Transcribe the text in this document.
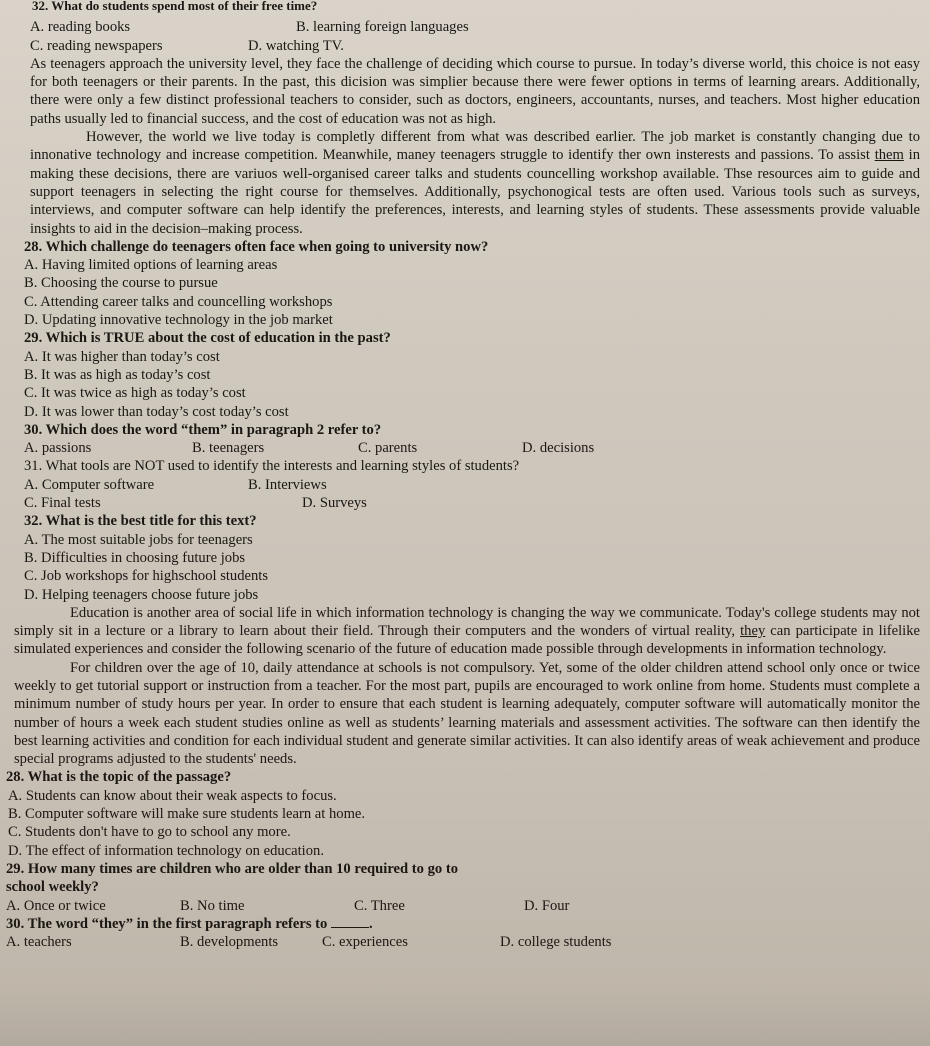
32. What do students spend most of their free time?
A. reading books	B. learning foreign languages
C. reading newspapers	D. watching TV.
As teenagers approach the university level, they face the challenge of deciding which course to pursue. In today’s diverse world, this choice is not easy for both teenagers or their parents. In the past, this dicision was simplier because there were fewer options in terms of learning arears. Additionally, there were only a few distinct professional teachers to consider, such as doctors, engineers, accountants, nurses, and teachers. Most higher education paths usually led to financial success, and the cost of education was not as high.
However, the world we live today is completly different from what was described earlier. The job market is constantly changing due to innonative technology and increase competition. Meanwhile, maney teenagers struggle to identify ther own insterests and passions. To assist them in making these decisions, there are variuos well-organised career talks and students councelling workshop available. Thse resources aim to guide and support teenagers in selecting the right course for themselves. Additionally, psychonogical tests are often used. Various tools such as surveys, interviews, and computer software can help identify the preferences, interests, and learning styles of students. These assessments provide valuable insights to aid in the decision–making process.
28. Which challenge do teenagers often face when going to university now?
A. Having limited options of learning areas
B. Choosing the course to pursue
C. Attending career talks and councelling workshops
D. Updating innovative technology in the job market
29. Which is TRUE about the cost of education in the past?
A. It was higher than today’s cost
B. It was as high as today’s cost
C. It was twice as high as today’s cost
D. It was lower than today’s cost today’s cost
30. Which does the word “them” in paragraph 2 refer to?
A. passions	B. teenagers	C. parents	D. decisions
31. What tools are NOT used to identify the interests and learning styles of students?
A. Computer software	B. Interviews
C. Final tests	D. Surveys
32. What is the best title for this text?
A. The most suitable jobs for teenagers
B. Difficulties in choosing future jobs
C. Job workshops for highschool students
D. Helping teenagers choose future jobs
Education is another area of social life in which information technology is changing the way we communicate. Today's college students may not simply sit in a lecture or a library to learn about their field. Through their computers and the wonders of virtual reality, they can participate in lifelike simulated experiences and consider the following scenario of the future of education made possible through developments in information technology.
For children over the age of 10, daily attendance at schools is not compulsory. Yet, some of the older children attend school only once or twice weekly to get tutorial support or instruction from a teacher. For the most part, pupils are encouraged to work online from home. Students must complete a minimum number of study hours per year. In order to ensure that each student is learning adequately, computer software will automatically monitor the number of hours a week each student studies online as well as students’ learning materials and assessment activities. The software can then identify the best learning activities and condition for each individual student and generate similar activities. It can also identify areas of weak achievement and produce special programs adjusted to the students' needs.
28. What is the topic of the passage?
A. Students can know about their weak aspects to focus.
B. Computer software will make sure students learn at home.
C. Students don't have to go to school any more.
D. The effect of information technology on education.
29. How many times are children who are older than 10 required to go to
school weekly?
A. Once or twice	B. No time	C. Three	D. Four
30. The word “they” in the first paragraph refers to	.
A. teachers	B. developments	C. experiences	D. college students
